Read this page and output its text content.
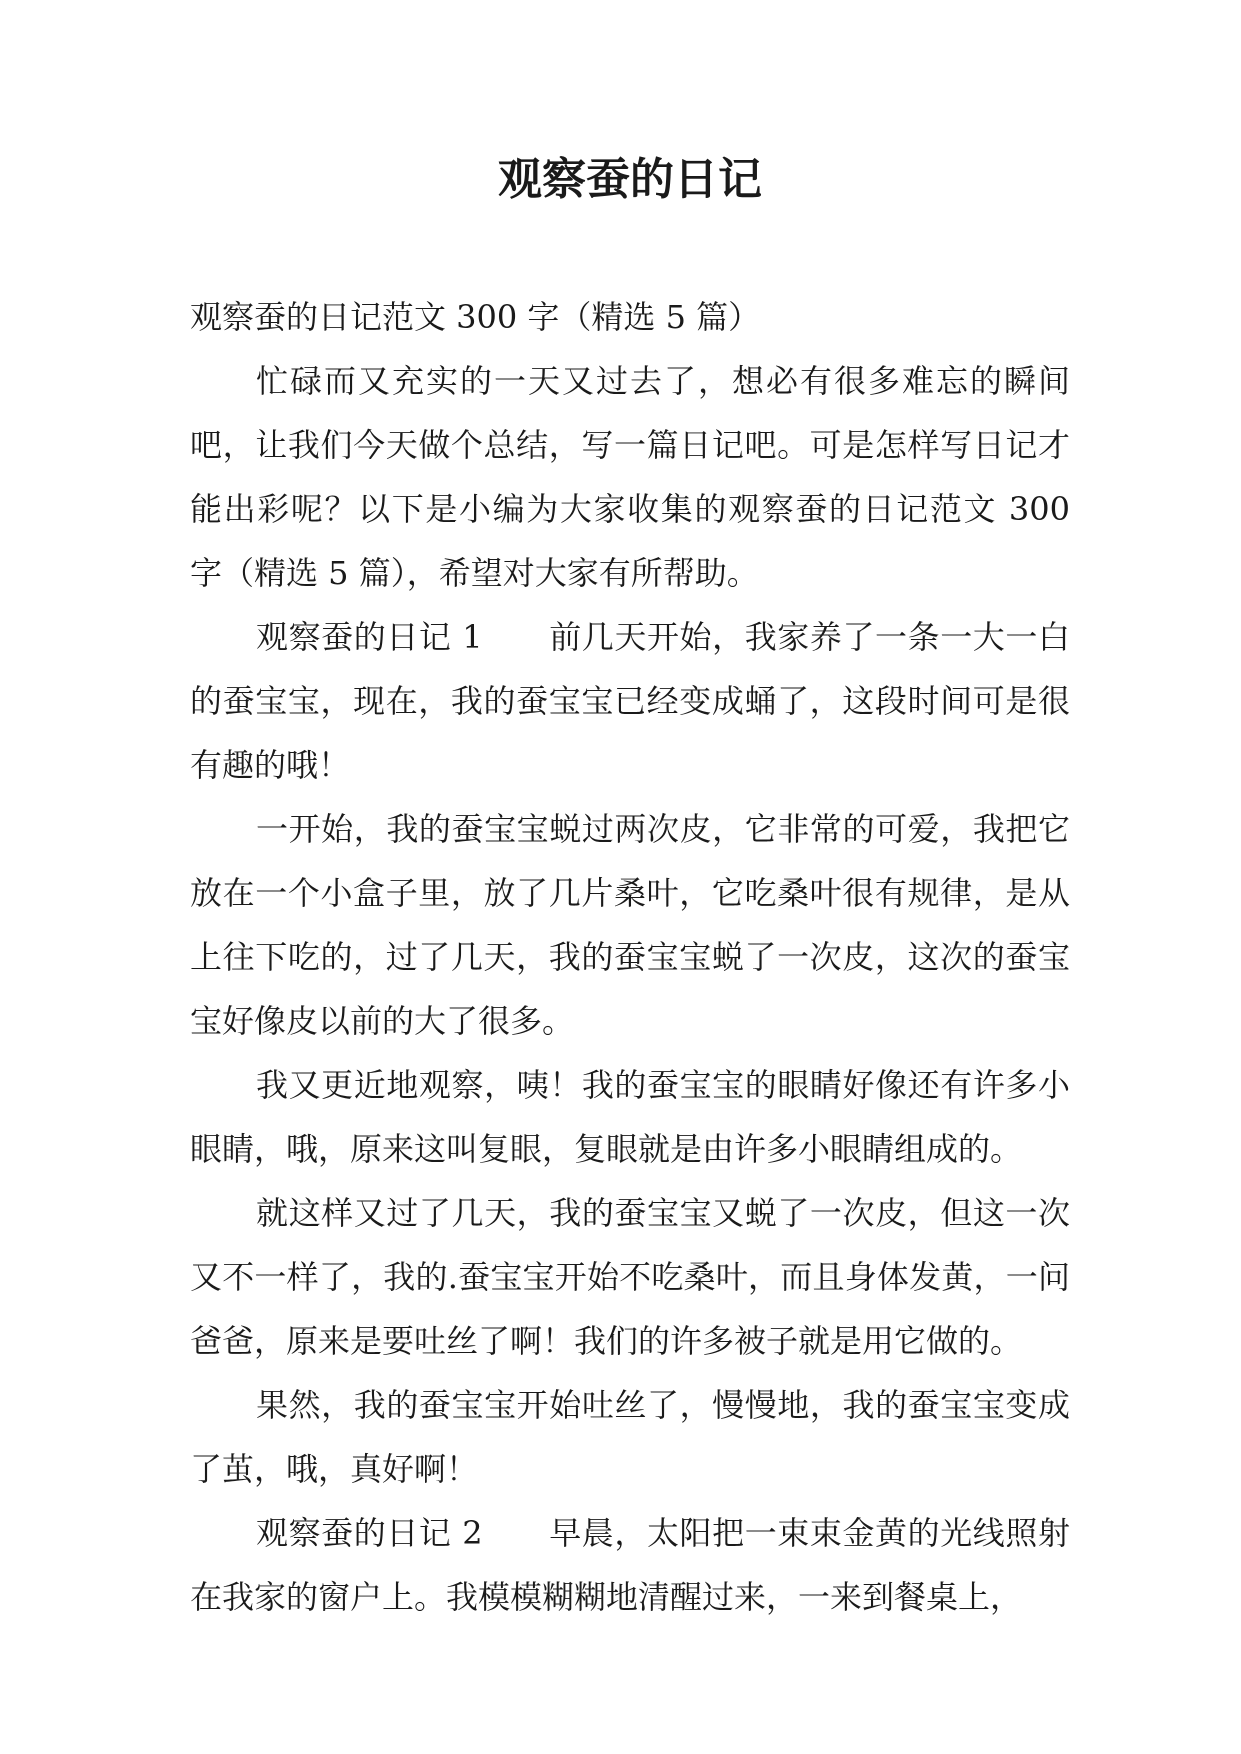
观察蚕的日记

观察蚕的日记范文 300 字（精选 5 篇）

忙碌而又充实的一天又过去了，想必有很多难忘的瞬间吧，让我们今天做个总结，写一篇日记吧。可是怎样写日记才能出彩呢？以下是小编为大家收集的观察蚕的日记范文 300 字（精选 5 篇），希望对大家有所帮助。

观察蚕的日记 1 前几天开始，我家养了一条一大一白的蚕宝宝，现在，我的蚕宝宝已经变成蛹了，这段时间可是很有趣的哦！

一开始，我的蚕宝宝蜕过两次皮，它非常的可爱，我把它放在一个小盒子里，放了几片桑叶，它吃桑叶很有规律，是从上往下吃的，过了几天，我的蚕宝宝蜕了一次皮，这次的蚕宝宝好像皮以前的大了很多。

我又更近地观察，咦！我的蚕宝宝的眼睛好像还有许多小眼睛，哦，原来这叫复眼，复眼就是由许多小眼睛组成的。

就这样又过了几天，我的蚕宝宝又蜕了一次皮，但这一次又不一样了，我的.蚕宝宝开始不吃桑叶，而且身体发黄，一问爸爸，原来是要吐丝了啊！我们的许多被子就是用它做的。

果然，我的蚕宝宝开始吐丝了，慢慢地，我的蚕宝宝变成了茧，哦，真好啊！

观察蚕的日记 2 早晨，太阳把一束束金黄的光线照射在我家的窗户上。我模模糊糊地清醒过来，一来到餐桌上，
